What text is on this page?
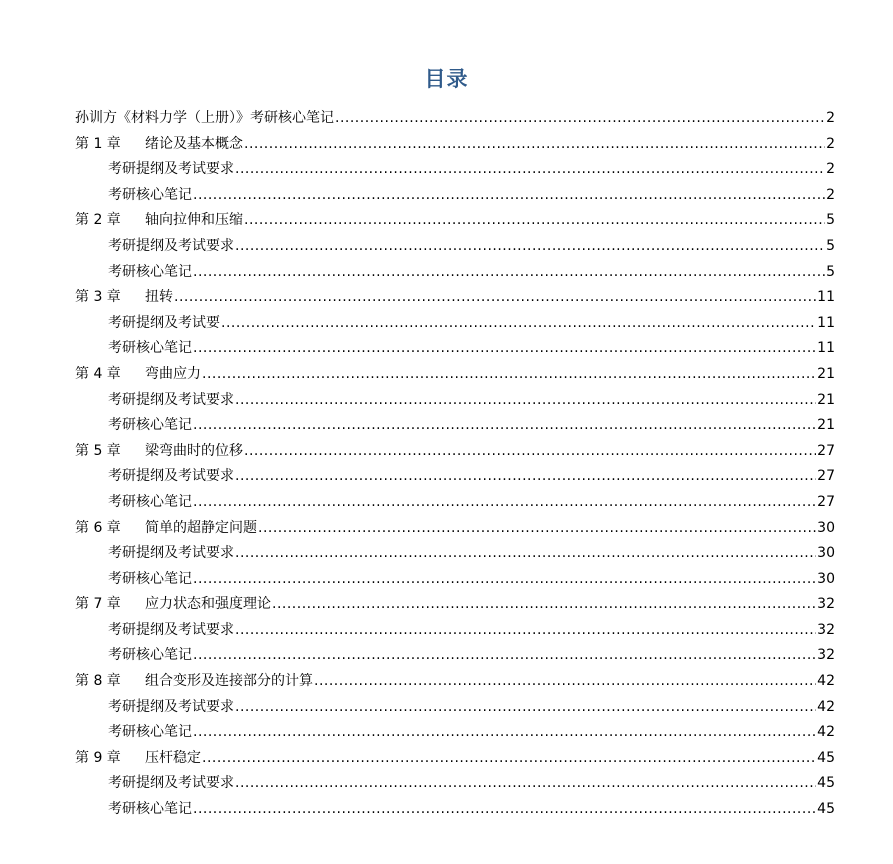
目录
孙训方《材料力学（上册）》考研核心笔记 .....	2
第 1 章	绪论及基本概念 .....	2
考研提纲及考试要求 .....	2
考研核心笔记 .....	2
第 2 章	轴向拉伸和压缩 .....	5
考研提纲及考试要求 .....	5
考研核心笔记 .....	5
第 3 章	扭转 .....	11
考研提纲及考试要 .....	11
考研核心笔记 .....	11
第 4 章	弯曲应力 .....	21
考研提纲及考试要求 .....	21
考研核心笔记 .....	21
第 5 章	梁弯曲时的位移 .....	27
考研提纲及考试要求 .....	27
考研核心笔记 .....	27
第 6 章	简单的超静定问题 .....	30
考研提纲及考试要求 .....	30
考研核心笔记 .....	30
第 7 章	应力状态和强度理论 .....	32
考研提纲及考试要求 .....	32
考研核心笔记 .....	32
第 8 章	组合变形及连接部分的计算 .....	42
考研提纲及考试要求 .....	42
考研核心笔记 .....	42
第 9 章	压杆稳定 .....	45
考研提纲及考试要求 .....	45
考研核心笔记 .....	45
